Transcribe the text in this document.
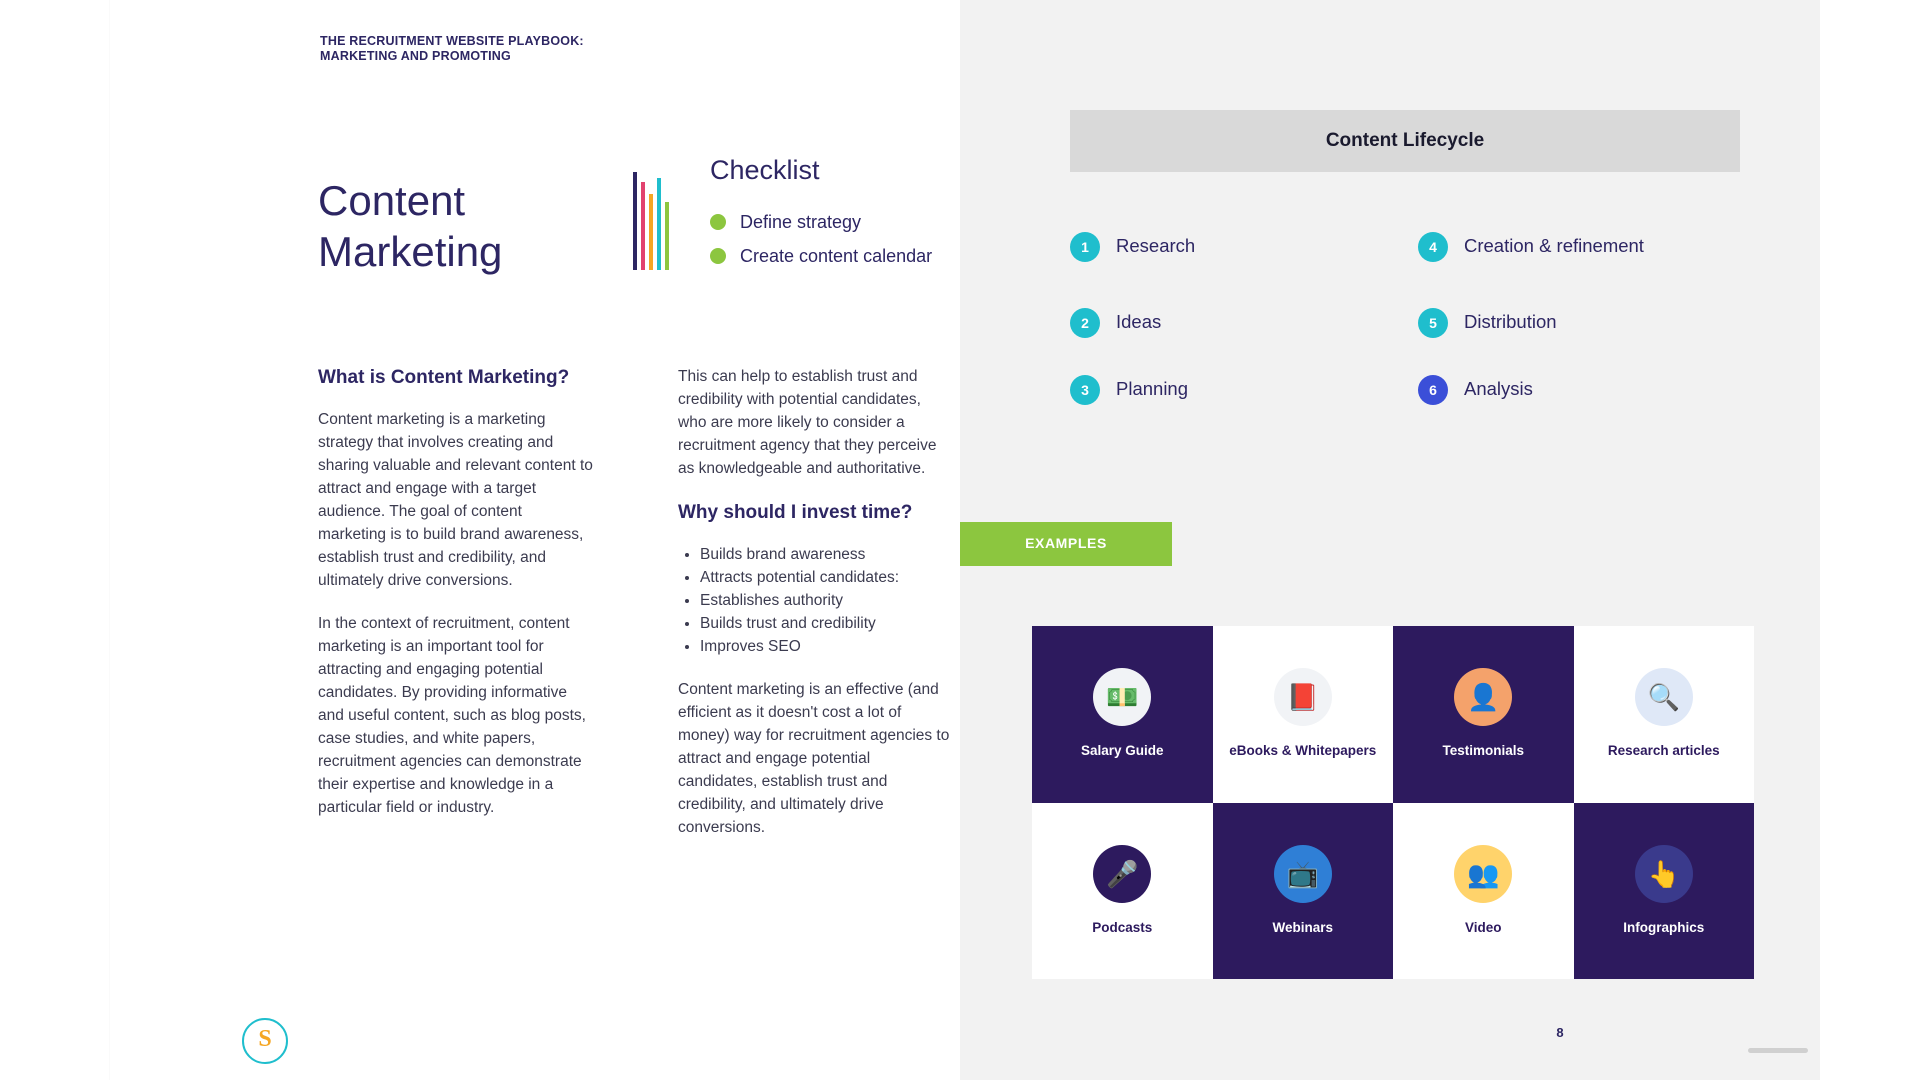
THE RECRUITMENT WEBSITE PLAYBOOK:
MARKETING AND PROMOTING
Content
Marketing
Checklist
Define strategy
Create content calendar

What is Content Marketing?

Content marketing is a marketing strategy that involves creating and sharing valuable and relevant content to attract and engage with a target audience. The goal of content marketing is to build brand awareness, establish trust and credibility, and ultimately drive conversions.

In the context of recruitment, content marketing is an important tool for attracting and engaging potential candidates. By providing informative and useful content, such as blog posts, case studies, and white papers, recruitment agencies can demonstrate their expertise and knowledge in a particular field or industry.

This can help to establish trust and credibility with potential candidates, who are more likely to consider a recruitment agency that they perceive as knowledgeable and authoritative.

Why should I invest time?

• Builds brand awareness
• Attracts potential candidates:
• Establishes authority
• Builds trust and credibility
• Improves SEO

Content marketing is an effective (and efficient as it doesn't cost a lot of money) way for recruitment agencies to attract and engage potential candidates, establish trust and credibility, and ultimately drive conversions.

S
Content Lifecycle
1	Research
2	Ideas
3	Planning
4	Creation & refinement
5	Distribution
6	Analysis
EXAMPLES
💵
Salary Guide
📕
eBooks & Whitepapers
👤
Testimonials
🔍
Research articles
🎤
Podcasts
📺
Webinars
👥
Video
👆
Infographics
8
